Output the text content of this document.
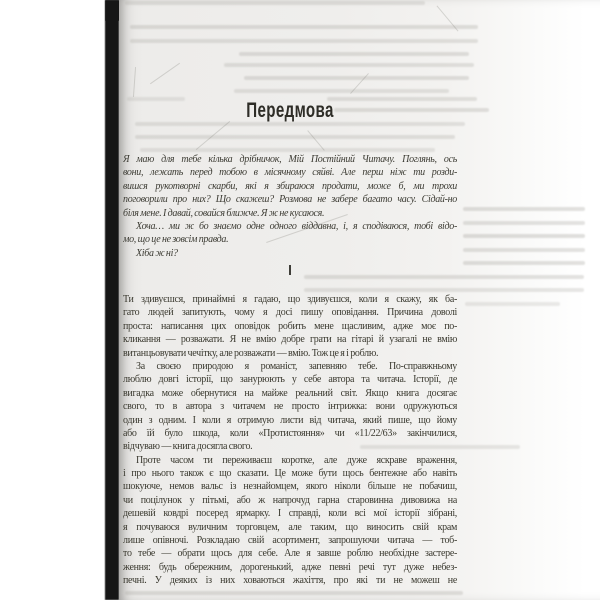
Передмова
Я маю для тебе кілька дрібничок, Мій Постійний Читачу. Поглянь, ось
вони, лежать перед тобою в місячному сяйві. Але перш ніж ти розди-
вишся рукотворні скарби, які я збираюся продати, може б, ми трохи
поговорили про них? Що скажеш? Розмова не забере багато часу. Сідай-но
біля мене. І давай, совайся ближче. Я ж не кусаюся.
Хоча… ми ж бо знаємо одне одного віддавна, і, я сподіваюся, тобі відо-
мо, що це не зовсім правда.
Хіба ж ні?
І
Ти здивуєшся, принаймні я гадаю, що здивуєшся, коли я скажу, як ба-
гато людей запитують, чому я досі пишу оповідання. Причина доволі
проста: написання цих оповідок робить мене щасливим, адже моє по-
кликання — розважати. Я не вмію добре грати на гітарі й узагалі не вмію
витанцьовувати чечітку, але розважати — вмію. Тож це я і роблю.
За своєю природою я романіст, запевняю тебе. По-справжньому
люблю довгі історії, що занурюють у себе автора та читача. Історії, де
вигадка може обернутися на майже реальний світ. Якщо книга досягає
свого, то в автора з читачем не просто інтрижка: вони одружуються
один з одним. І коли я отримую листи від читача, який пише, що йому
або їй було шкода, коли «Протистояння» чи «11/22/63» закінчилися,
відчуваю — книга досягла свого.
Проте часом ти переживаєш коротке, але дуже яскраве враження,
і про нього також є що сказати. Це може бути щось бентежне або навіть
шокуюче, немов вальс із незнайомцем, якого ніколи більше не побачиш,
чи поцілунок у пітьмі, або ж напрочуд гарна старовинна дивовижа на
дешевій ковдрі посеред ярмарку. І справді, коли всі мої історії зібрані,
я почуваюся вуличним торговцем, але таким, що виносить свій крам
лише опівночі. Розкладаю свій асортимент, запрошуючи читача — тоб-
то тебе — обрати щось для себе. Але я завше роблю необхідне застере-
ження: будь обережним, дорогенький, адже певні речі тут дуже небез-
печні. У деяких із них ховаються жахіття, про які ти не можеш не
